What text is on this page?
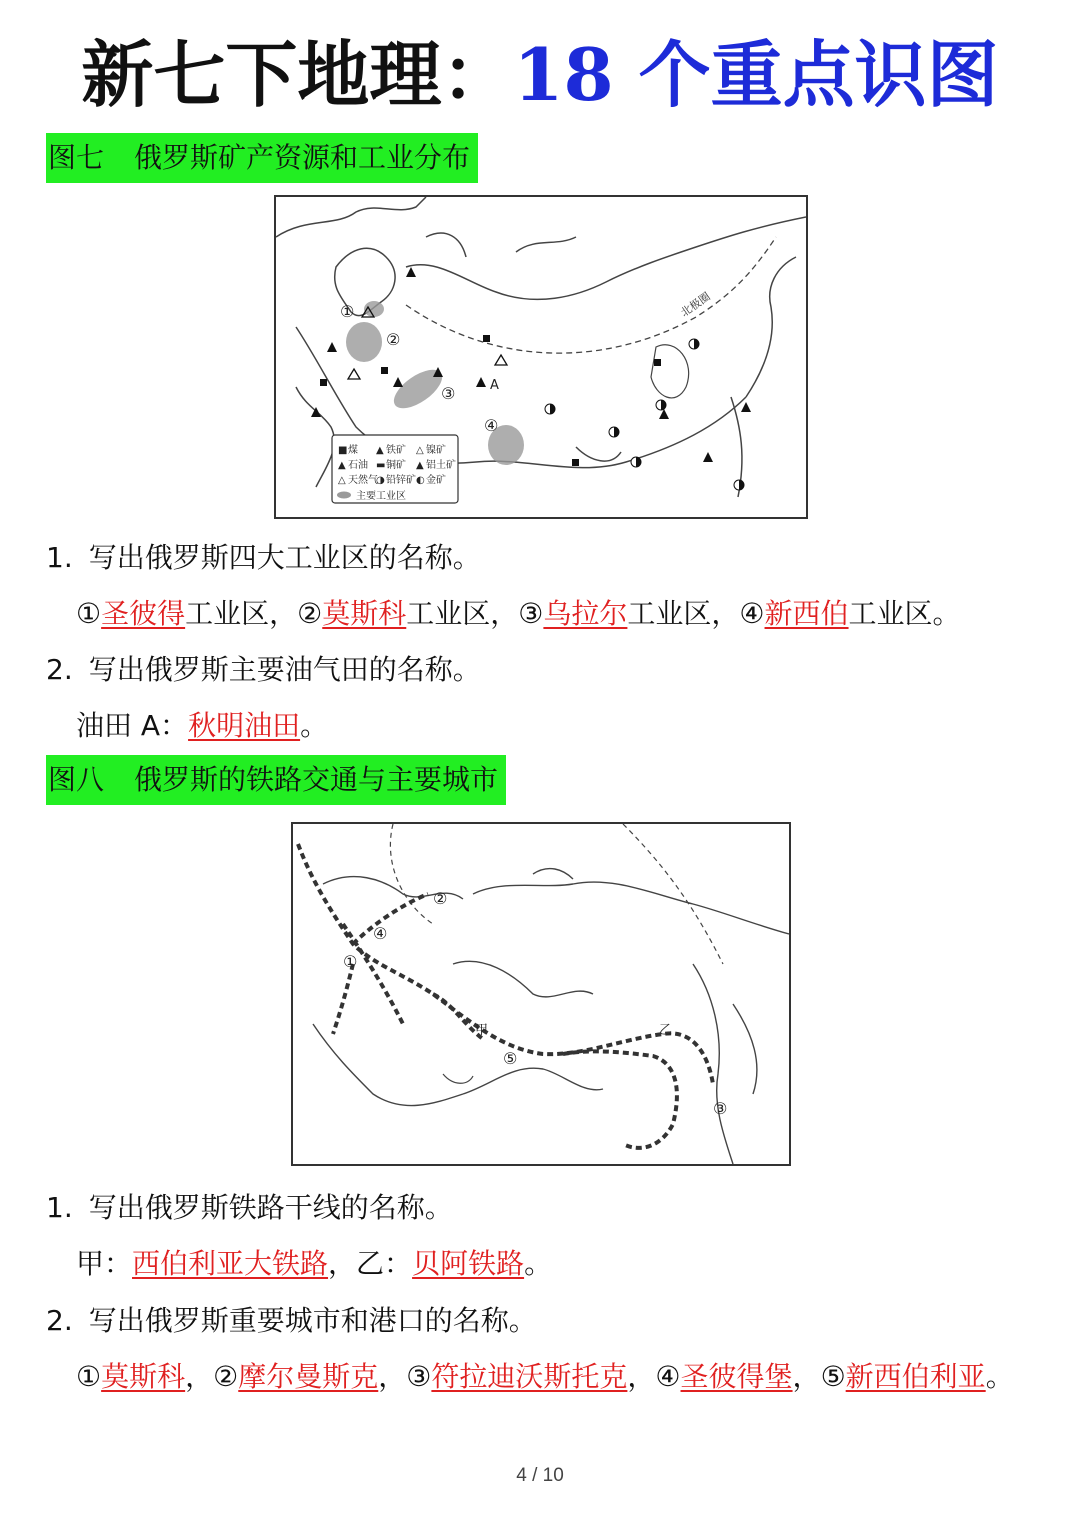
新七下地理：18 个重点识图
图七 俄罗斯矿产资源和工业分布
北极圈
①
②
③
④
A
■ 煤 ▲ 铁矿 △ 镍矿
▲ 石油 ▬ 铜矿 ▲ 铝土矿
△ 天然气
◑ 铅锌矿 ◐ 金矿
主要工业区
1. 写出俄罗斯四大工业区的名称。
①圣彼得工业区，②莫斯科工业区，③乌拉尔工业区，④新西伯工业区。
2. 写出俄罗斯主要油气田的名称。
油田 A：秋明油田。
图八 俄罗斯的铁路交通与主要城市
②
④
①
⑤
③
甲	乙
1. 写出俄罗斯铁路干线的名称。
甲：西伯利亚大铁路，乙：贝阿铁路。
2. 写出俄罗斯重要城市和港口的名称。
①莫斯科，②摩尔曼斯克，③符拉迪沃斯托克，④圣彼得堡，⑤新西伯利亚。
4 / 10
